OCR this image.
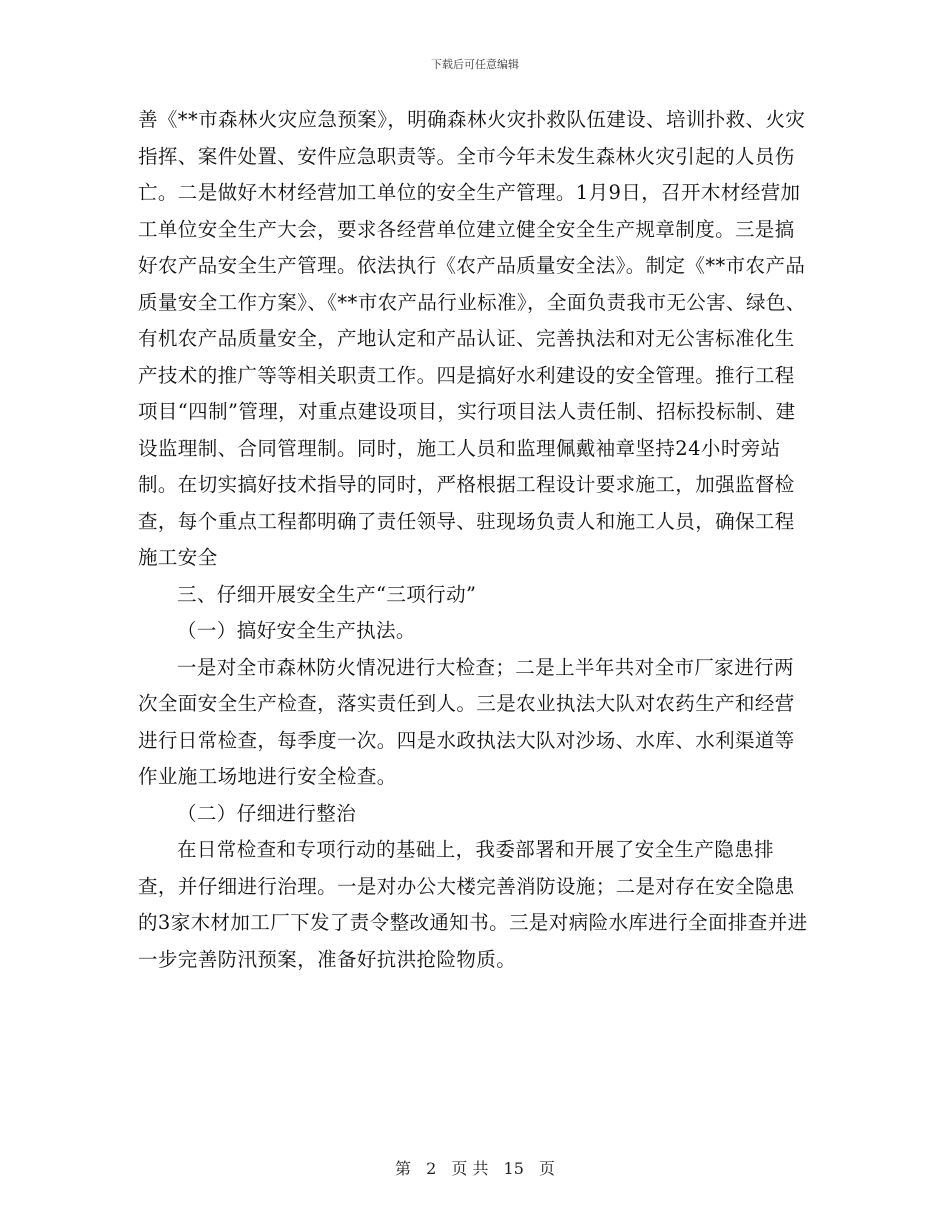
下载后可任意编辑

善《**市森林火灾应急预案》，明确森林火灾扑救队伍建设、培训扑救、火灾指挥、案件处置、安件应急职责等。全市今年未发生森林火灾引起的人员伤亡。二是做好木材经营加工单位的安全生产管理。1月9日，召开木材经营加工单位安全生产大会，要求各经营单位建立健全安全生产规章制度。三是搞好农产品安全生产管理。依法执行《农产品质量安全法》。制定《**市农产品质量安全工作方案》、《**市农产品行业标准》，全面负责我市无公害、绿色、有机农产品质量安全，产地认定和产品认证、完善执法和对无公害标准化生产技术的推广等等相关职责工作。四是搞好水利建设的安全管理。推行工程项目“四制”管理，对重点建设项目，实行项目法人责任制、招标投标制、建设监理制、合同管理制。同时，施工人员和监理佩戴袖章坚持24小时旁站制。在切实搞好技术指导的同时，严格根据工程设计要求施工，加强监督检查，每个重点工程都明确了责任领导、驻现场负责人和施工人员，确保工程施工安全

三、仔细开展安全生产“三项行动”

（一）搞好安全生产执法。

一是对全市森林防火情况进行大检查；二是上半年共对全市厂家进行两次全面安全生产检查，落实责任到人。三是农业执法大队对农药生产和经营进行日常检查，每季度一次。四是水政执法大队对沙场、水库、水利渠道等作业施工场地进行安全检查。

（二）仔细进行整治

在日常检查和专项行动的基础上，我委部署和开展了安全生产隐患排查，并仔细进行治理。一是对办公大楼完善消防设施；二是对存在安全隐患的3家木材加工厂下发了责令整改通知书。三是对病险水库进行全面排查并进一步完善防汛预案，准备好抗洪抢险物质。

第 2 页 共 15 页
